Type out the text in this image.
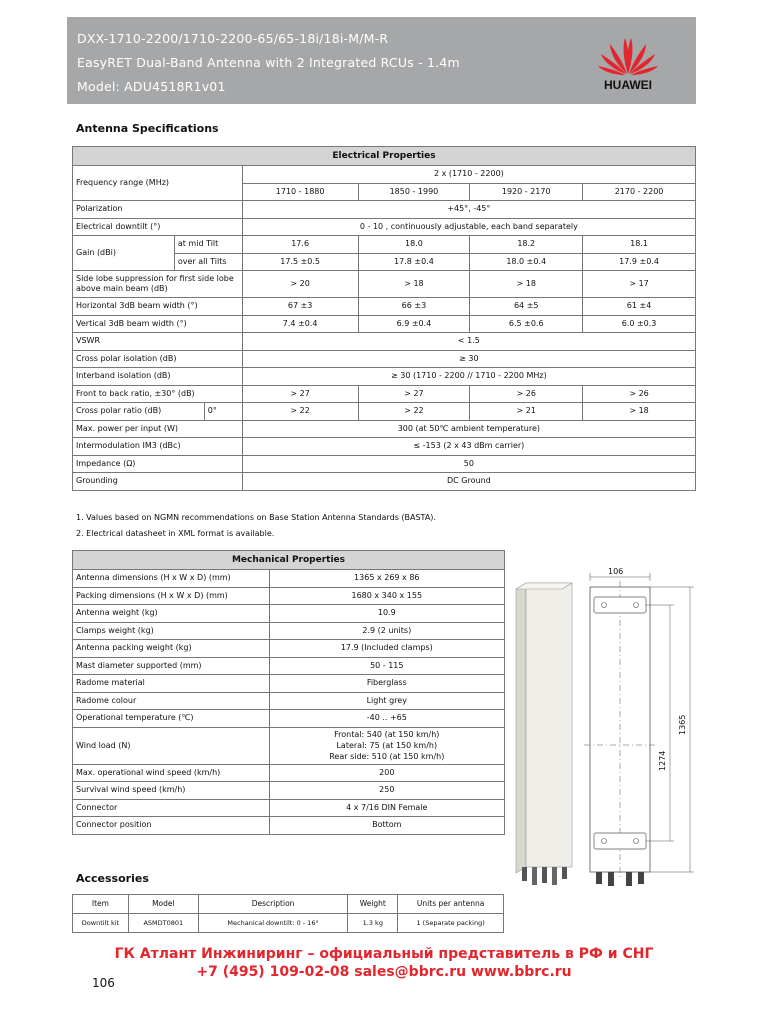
DXX-1710-2200/1710-2200-65/65-18i/18i-M/M-R
EasyRET Dual-Band Antenna with 2 Integrated RCUs - 1.4m
Model: ADU4518R1v01	HUAWEI
Antenna Specifications
Electrical Properties						
Frequency range (MHz)			2 x (1710 - 2200)			
			1710 - 1880	1850 - 1990	1920 - 2170	2170 - 2200
Polarization			+45°, -45°			
Electrical downtilt (°)			0 - 10 , continuously adjustable, each band separately			
Gain (dBi)	at mid Tilt		17.6	18.0	18.2	18.1
	over all Tilts		17.5 ±0.5	17.8 ±0.4	18.0 ±0.4	17.9 ±0.4
Side lobe suppression for first side lobe above main beam (dB)			> 20	> 18	> 18	> 17
Horizontal 3dB beam width (°)			67 ±3	66 ±3	64 ±5	61 ±4
Vertical 3dB beam width (°)			7.4 ±0.4	6.9 ±0.4	6.5 ±0.6	6.0 ±0.3
VSWR			< 1.5			
Cross polar isolation (dB)			≥ 30			
Interband isolation (dB)			≥ 30 (1710 - 2200 // 1710 - 2200 MHz)			
Front to back ratio, ±30° (dB)			> 27	> 27	> 26	> 26
Cross polar ratio (dB)		0°	> 22	> 22	> 21	> 18
Max. power per input (W)			300 (at 50℃ ambient temperature)			
Intermodulation IM3 (dBc)			≤ -153 (2 x 43 dBm carrier)			
Impedance (Ω)			50			
Grounding			DC Ground			
1. Values based on NGMN recommendations on Base Station Antenna Standards (BASTA).
2. Electrical datasheet in XML format is available.
Mechanical Properties	
Antenna dimensions (H x W x D) (mm)	1365 x 269 x 86
Packing dimensions (H x W x D) (mm)	1680 x 340 x 155
Antenna weight (kg)	10.9
Clamps weight (kg)	2.9 (2 units)
Antenna packing weight (kg)	17.9 (Included clamps)
Mast diameter supported (mm)	50 - 115
Radome material	Fiberglass
Radome colour	Light grey
Operational temperature (℃)	-40 .. +65
Wind load (N)	Frontal: 540 (at 150 km/h)
Lateral: 75 (at 150 km/h)
Rear side: 510 (at 150 km/h)

Max. operational wind speed (km/h)	200
Survival wind speed (km/h)	250
Connector	4 x 7/16 DIN Female
Connector position	Bottom
106
1365
1274
Accessories
Item	Model	Description	Weight	Units per antenna
Downtilt kit	ASMDT0801	Mechanical downtilt: 0 - 16°	1.3 kg	1 (Separate packing)
ГК Атлант Инжиниринг – официальный представитель в РФ и СНГ
+7 (495) 109-02-08 sales@bbrc.ru www.bbrc.ru
106
